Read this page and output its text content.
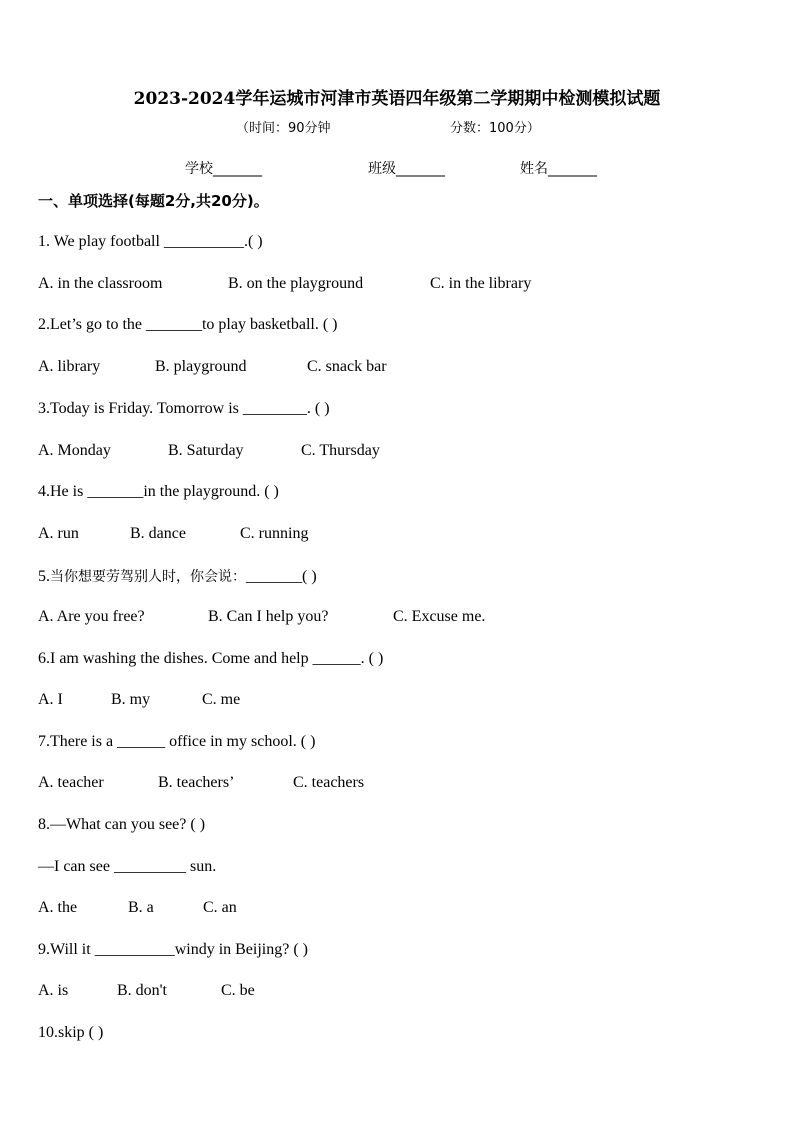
2023-2024学年运城市河津市英语四年级第二学期期中检测模拟试题
（时间：90分钟	分数：100分）
学校_______	班级_______	姓名_______
一、单项选择(每题2分,共20分)。
1. We play football __________.( )
A. in the classroom	B. on the playground	C. in the library
2.Let’s go to the _______to play basketball. ( )
A. library	B. playground	C. snack bar
3.Today is Friday. Tomorrow is ________. ( )
A. Monday	B. Saturday	C. Thursday
4.He is _______in the playground. ( )
A. run	B. dance	C. running
5.当你想要劳驾别人时，你会说：_______( )
A. Are you free?	B. Can I help you?	C. Excuse me.
6.I am washing the dishes. Come and help ______. ( )
A. I	B. my	C. me
7.There is a ______ office in my school. ( )
A. teacher	B. teachers’	C. teachers
8.—What can you see? ( )
—I can see _________ sun.
A. the	B. a	C. an
9.Will it __________windy in Beijing? ( )
A. is	B. don't	C. be
10.skip ( )
